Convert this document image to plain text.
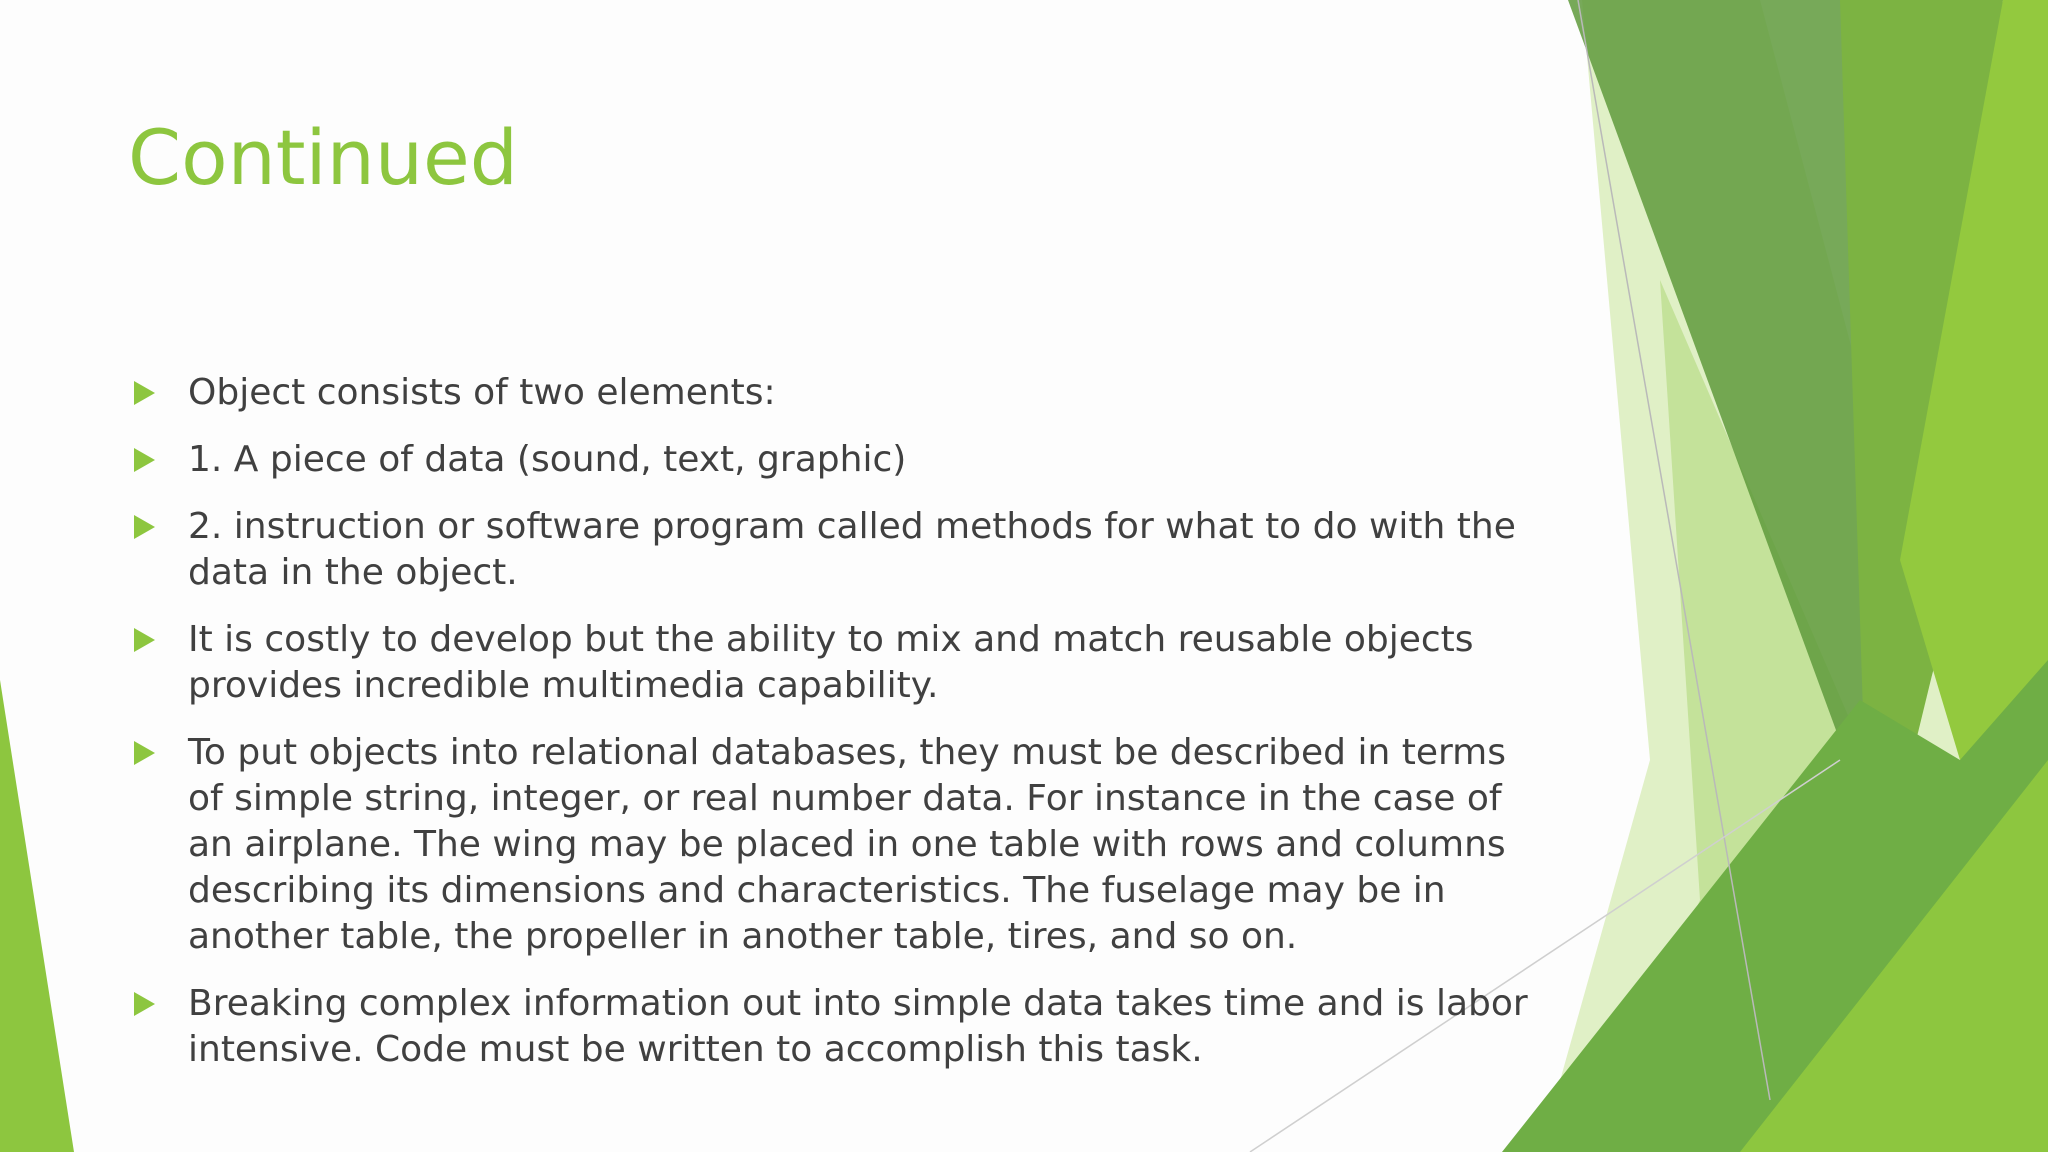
Continued
Object consists of two elements:
1. A piece of data (sound, text, graphic)
2. instruction or software program called methods for what to do with the data in the object.
It is costly to develop but the ability to mix and match reusable objects provides incredible multimedia capability.
To put objects into relational databases, they must be described in terms of simple string, integer, or real number data. For instance in the case of an airplane. The wing may be placed in one table with rows and columns describing its dimensions and characteristics. The fuselage may be in another table, the propeller in another table, tires, and so on.
Breaking complex information out into simple data takes time and is labor intensive. Code must be written to accomplish this task.
